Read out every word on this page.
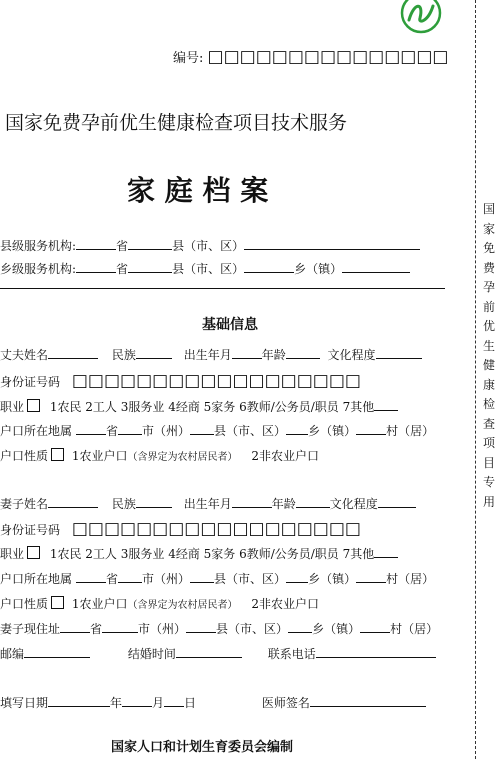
国家免费孕前优生健康检查项目专用
编号: □□□□□□□□□□□□□□□
国家免费孕前优生健康检查项目技术服务
家 庭 档 案
县级服务机构:	省	县（市、区）
乡级服务机构:	省	县（市、区）	乡（镇）
基础信息
丈夫姓名	民族	出生年月	年龄	文化程度
身份证号码 □□□□□□□□□□□□□□□□□□
职业 1农民 2工人 3服务业 4经商 5家务 6教师/公务员/职员 7其他
户口所在地属	省 市（州） 县（市、区） 乡（镇）	村（居）
户口性质 1农业户口（含界定为农村居民者） 2非农业户口
妻子姓名	民族	出生年月	年龄	文化程度
身份证号码 □□□□□□□□□□□□□□□□□□
职业 1农民 2工人 3服务业 4经商 5家务 6教师/公务员/职员 7其他
户口所在地属	省 市（州） 县（市、区） 乡（镇）	村（居）
户口性质 1农业户口（含界定为农村居民者） 2非农业户口
妻子现住址	省	市（州）	县（市、区） 乡（镇）	村（居）
邮编	结婚时间	联系电话
填写日期	年	月 日	医师签名
国家人口和计划生育委员会编制
